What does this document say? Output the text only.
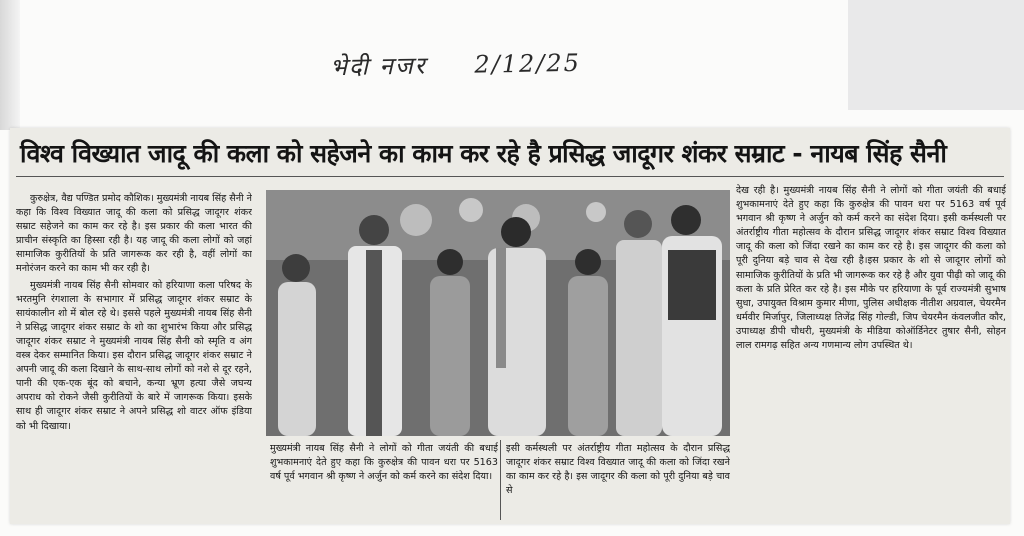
भेदी नजर 2/12/25
विश्व विख्यात जादू की कला को सहेजने का काम कर रहे है प्रसिद्ध जादूगर शंकर सम्राट - नायब सिंह सैनी

कुरुक्षेत्र, वैद्य पण्डित प्रमोद कौशिक। मुख्यमंत्री नायब सिंह सैनी ने कहा कि विश्व विख्यात जादू की कला को प्रसिद्ध जादूगर शंकर सम्राट सहेजने का काम कर रहे है। इस प्रकार की कला भारत की प्राचीन संस्कृति का हिस्सा रही है। यह जादू की कला लोगों को जहां सामाजिक कुरीतियों के प्रति जागरूक कर रही है, वहीं लोगों का मनोरंजन करने का काम भी कर रही है।

मुख्यमंत्री नायब सिंह सैनी सोमवार को हरियाणा कला परिषद के भरतमुनि रंगशाला के सभागार में प्रसिद्ध जादूगर शंकर सम्राट के सायंकालीन शो में बोल रहे थे। इससे पहले मुख्यमंत्री नायब सिंह सैनी ने प्रसिद्ध जादूगर शंकर सम्राट के शो का शुभारंभ किया और प्रसिद्ध जादूगर शंकर सम्राट ने मुख्यमंत्री नायब सिंह सैनी को स्मृति व अंग वस्त्र देकर सम्मानित किया। इस दौरान प्रसिद्ध जादूगर शंकर सम्राट ने अपनी जादू की कला दिखाने के साथ-साथ लोगों को नशे से दूर रहने, पानी की एक-एक बूंद को बचाने, कन्या भ्रूण हत्या जैसे जघन्य अपराध को रोकने जैसी कुरीतियों के बारे में जागरूक किया। इसके साथ ही जादूगर शंकर सम्राट ने अपने प्रसिद्ध शो वाटर ऑफ इंडिया को भी दिखाया।

मुख्यमंत्री नायब सिंह सैनी ने लोगों को गीता जयंती की बधाई शुभकामनाएं देते हुए कहा कि कुरुक्षेत्र की पावन धरा पर 5163 वर्ष पूर्व भगवान श्री कृष्ण ने अर्जुन को कर्म करने का संदेश दिया।
इसी कर्मस्थली पर अंतर्राष्ट्रीय गीता महोत्सव के दौरान प्रसिद्ध जादूगर शंकर सम्राट विश्व विख्यात जादू की कला को जिंदा रखने का काम कर रहे है। इस जादूगर की कला को पूरी दुनिया बड़े चाव से

देख रही है। मुख्यमंत्री नायब सिंह सैनी ने लोगों को गीता जयंती की बधाई शुभकामनाएं देते हुए कहा कि कुरुक्षेत्र की पावन धरा पर 5163 वर्ष पूर्व भगवान श्री कृष्ण ने अर्जुन को कर्म करने का संदेश दिया। इसी कर्मस्थली पर अंतर्राष्ट्रीय गीता महोत्सव के दौरान प्रसिद्ध जादूगर शंकर सम्राट विश्व विख्यात जादू की कला को जिंदा रखने का काम कर रहे है। इस जादूगर की कला को पूरी दुनिया बड़े चाव से देख रही है।इस प्रकार के शो से जादूगर लोगों को सामाजिक कुरीतियों के प्रति भी जागरूक कर रहे है और युवा पीढ़ी को जादू की कला के प्रति प्रेरित कर रहे है। इस मौके पर हरियाणा के पूर्व राज्यमंत्री सुभाष सुधा, उपायुक्त विश्राम कुमार मीणा, पुलिस अधीक्षक नीतीश अग्रवाल, चेयरमैन धर्मवीर मिर्जापुर, जिलाध्यक्ष तिजेंद्र सिंह गोल्डी, जिप चेयरमैन कंवलजीत कौर, उपाध्यक्ष डीपी चौधरी, मुख्यमंत्री के मीडिया कोऑर्डिनेटर तुषार सैनी, सोहन लाल रामगढ़ सहित अन्य गणमान्य लोग उपस्थित थे।
